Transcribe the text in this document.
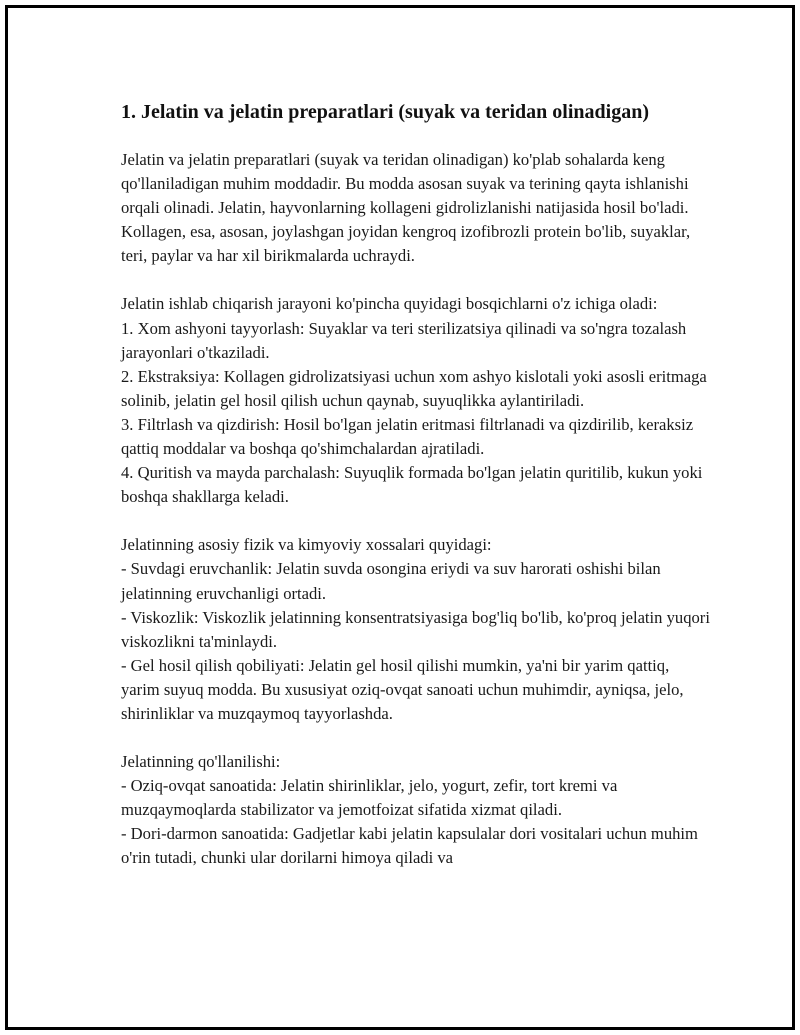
1. Jelatin va jelatin preparatlari (suyak va teridan olinadigan)

Jelatin va jelatin preparatlari (suyak va teridan olinadigan) ko'plab sohalarda keng qo'llaniladigan muhim moddadir. Bu modda asosan suyak va terining qayta ishlanishi orqali olinadi. Jelatin, hayvonlarning kollageni gidrolizlanishi natijasida hosil bo'ladi. Kollagen, esa, asosan, joylashgan joyidan kengroq izofibrozli protein bo'lib, suyaklar, teri, paylar va har xil birikmalarda uchraydi.

Jelatin ishlab chiqarish jarayoni ko'pincha quyidagi bosqichlarni o'z ichiga oladi:

1. Xom ashyoni tayyorlash: Suyaklar va teri sterilizatsiya qilinadi va so'ngra tozalash jarayonlari o'tkaziladi.

2. Ekstraksiya: Kollagen gidrolizatsiyasi uchun xom ashyo kislotali yoki asosli eritmaga solinib, jelatin gel hosil qilish uchun qaynab, suyuqlikka aylantiriladi.

3. Filtrlash va qizdirish: Hosil bo'lgan jelatin eritmasi filtrlanadi va qizdirilib, keraksiz qattiq moddalar va boshqa qo'shimchalardan ajratiladi.

4. Quritish va mayda parchalash: Suyuqlik formada bo'lgan jelatin quritilib, kukun yoki boshqa shakllarga keladi.

Jelatinning asosiy fizik va kimyoviy xossalari quyidagi:

- Suvdagi eruvchanlik: Jelatin suvda osongina eriydi va suv harorati oshishi bilan jelatinning eruvchanligi ortadi.

- Viskozlik: Viskozlik jelatinning konsentratsiyasiga bog'liq bo'lib, ko'proq jelatin yuqori viskozlikni ta'minlaydi.

- Gel hosil qilish qobiliyati: Jelatin gel hosil qilishi mumkin, ya'ni bir yarim qattiq, yarim suyuq modda. Bu xususiyat oziq-ovqat sanoati uchun muhimdir, ayniqsa, jelo, shirinliklar va muzqaymoq tayyorlashda.

Jelatinning qo'llanilishi:

- Oziq-ovqat sanoatida: Jelatin shirinliklar, jelo, yogurt, zefir, tort kremi va muzqaymoqlarda stabilizator va jemotfoizat sifatida xizmat qiladi.

- Dori-darmon sanoatida: Gadjetlar kabi jelatin kapsulalar dori vositalari uchun muhim o'rin tutadi, chunki ular dorilarni himoya qiladi va
